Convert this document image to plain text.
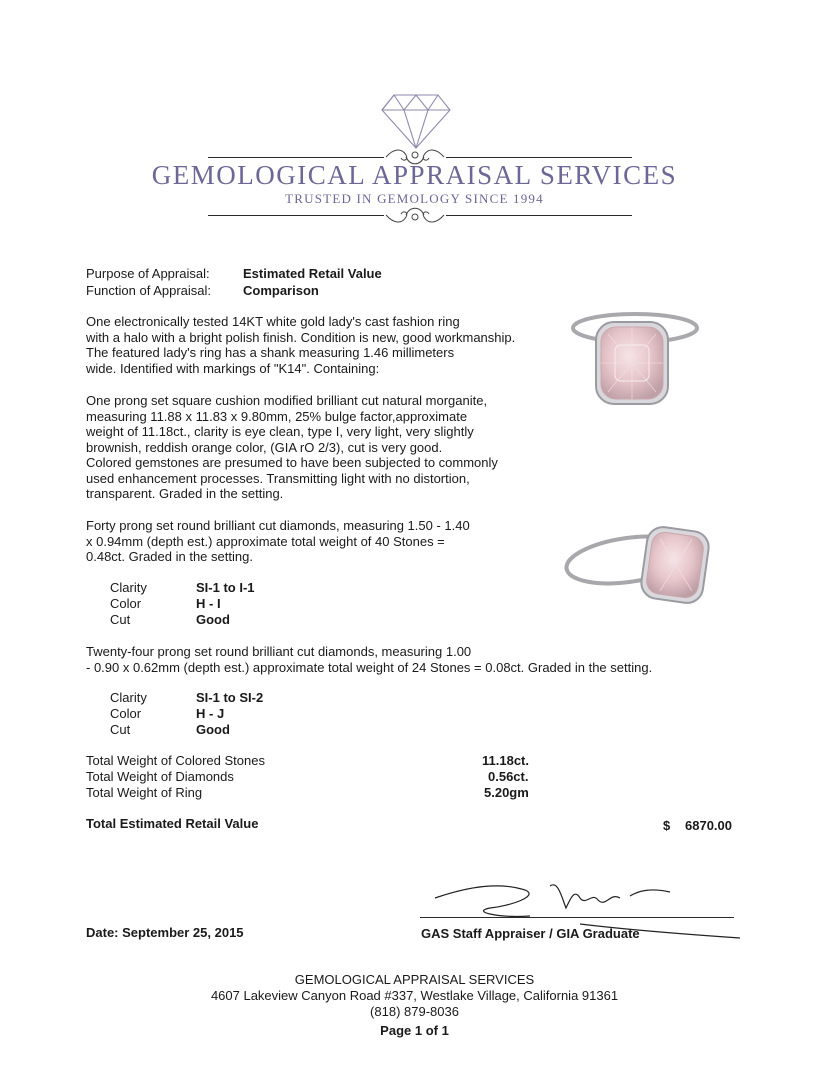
GEMOLOGICAL APPRAISAL SERVICES
TRUSTED IN GEMOLOGY SINCE 1994
Purpose of Appraisal:	Estimated Retail Value
Function of Appraisal: Comparison
One electronically tested 14KT white gold lady's cast fashion ring
with a halo with a bright polish finish. Condition is new, good workmanship.
The featured lady's ring has a shank measuring 1.46 millimeters
wide. Identified with markings of "K14". Containing:
One prong set square cushion modified brilliant cut natural morganite,
measuring 11.88 x 11.83 x 9.80mm, 25% bulge factor,approximate
weight of 11.18ct., clarity is eye clean, type I, very light, very slightly
brownish, reddish orange color, (GIA rO 2/3), cut is very good.
Colored gemstones are presumed to have been subjected to commonly
used enhancement processes. Transmitting light with no distortion,
transparent. Graded in the setting.
Forty prong set round brilliant cut diamonds, measuring 1.50 - 1.40
x 0.94mm (depth est.) approximate total weight of 40 Stones =
0.48ct. Graded in the setting.
Clarity	SI-1 to I-1
Color	H - I
Cut	Good
Twenty-four prong set round brilliant cut diamonds, measuring 1.00
- 0.90 x 0.62mm (depth est.) approximate total weight of 24 Stones = 0.08ct. Graded in the setting.
Clarity	SI-1 to SI-2
Color	H - J
Cut	Good
Total Weight of Colored Stones	11.18ct.
Total Weight of Diamonds	0.56ct.
Total Weight of Ring	5.20gm
Total Estimated Retail Value	$ 6870.00
Date: September 25, 2015	GAS Staff Appraiser / GIA Graduate
GEMOLOGICAL APPRAISAL SERVICES
4607 Lakeview Canyon Road #337, Westlake Village, California 91361
(818) 879-8036
Page 1 of 1
